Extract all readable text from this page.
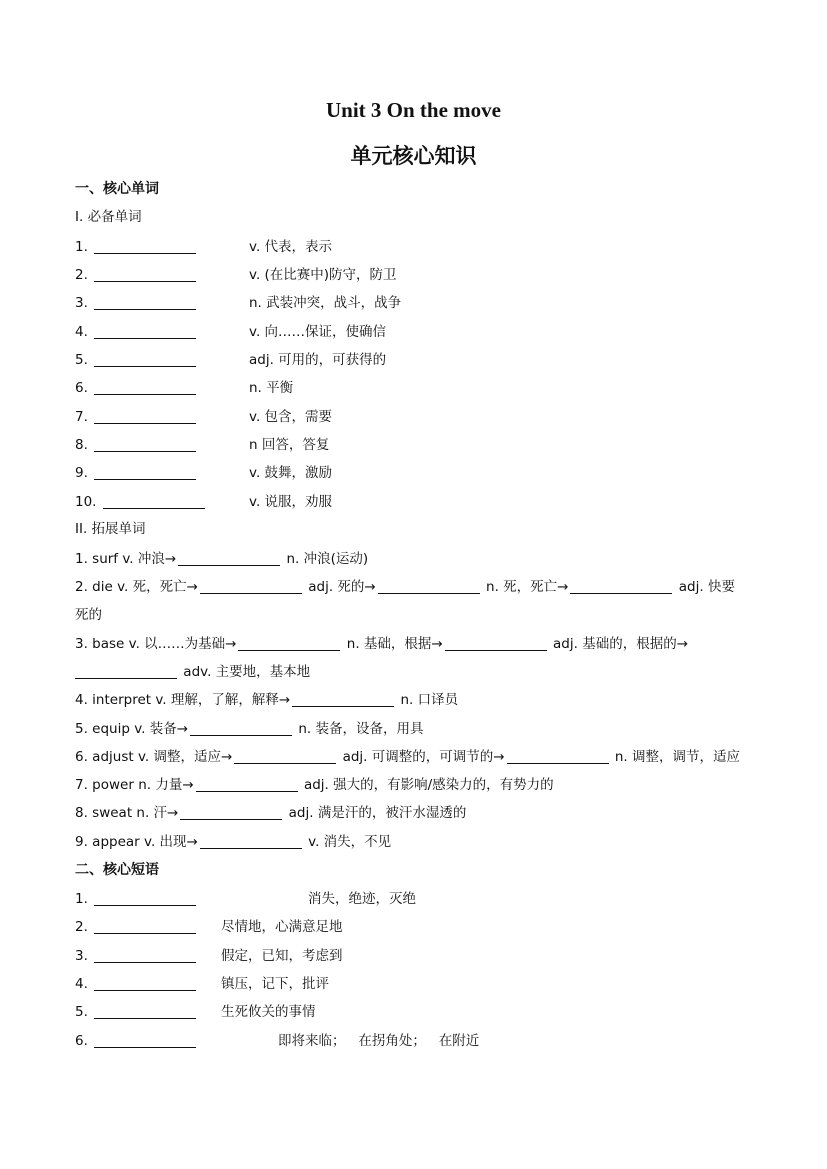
Unit 3 On the move
单元核心知识
一、核心单词
I. 必备单词
1.	v. 代表，表示
2.	v. (在比赛中)防守，防卫
3.	n. 武装冲突，战斗，战争
4.	v. 向……保证，使确信
5.	adj. 可用的，可获得的
6.	n. 平衡
7.	v. 包含，需要
8.	n 回答，答复
9.	v. 鼓舞，激励
10.	v. 说服，劝服
II. 拓展单词
1. surf v. 冲浪→	n. 冲浪(运动)
2. die v. 死，死亡→	adj. 死的→	n. 死，死亡→	adj. 快要
死的
3. base v. 以……为基础→	n. 基础，根据→	adj. 基础的，根据的→
adv. 主要地，基本地
4. interpret v. 理解，了解，解释→	n. 口译员
5. equip v. 装备→	n. 装备，设备，用具
6. adjust v. 调整，适应→	adj. 可调整的，可调节的→	n. 调整，调节，适应
7. power n. 力量→	adj. 强大的，有影响/感染力的，有势力的
8. sweat n. 汗→	adj. 满是汗的，被汗水湿透的
9. appear v. 出现→	v. 消失，不见
二、核心短语
1.	消失，绝迹，灭绝
2.	尽情地，心满意足地
3.	假定，已知，考虑到
4.	镇压，记下，批评
5.	生死攸关的事情
6.	即将来临；   在拐角处；   在附近
